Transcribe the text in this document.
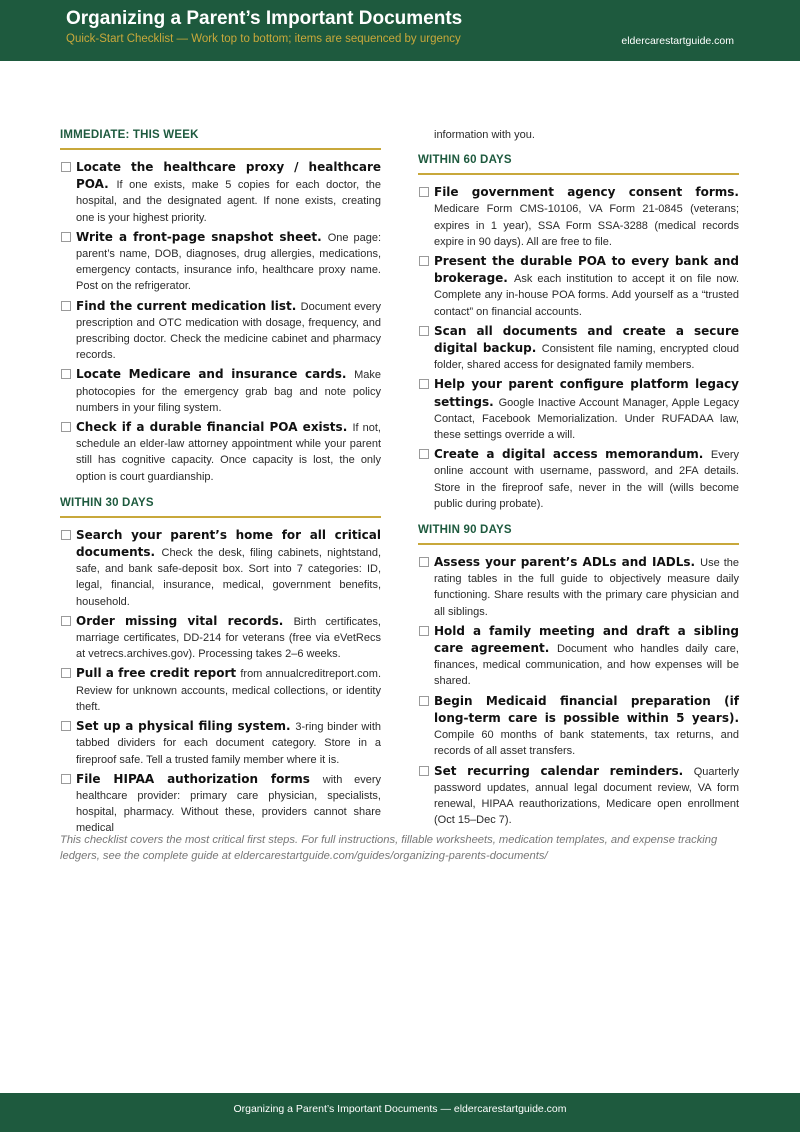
Organizing a Parent’s Important Documents
Quick-Start Checklist — Work top to bottom; items are sequenced by urgency	eldercarestartguide.com
IMMEDIATE: THIS WEEK
Locate the healthcare proxy / healthcare POA. If one exists, make 5 copies for each doctor, the hospital, and the designated agent. If none exists, creating one is your highest priority.
Write a front-page snapshot sheet. One page: parent’s name, DOB, diagnoses, drug allergies, medications, emergency contacts, insurance info, healthcare proxy name. Post on the refrigerator.
Find the current medication list. Document every prescription and OTC medication with dosage, frequency, and prescribing doctor. Check the medicine cabinet and pharmacy records.
Locate Medicare and insurance cards. Make photocopies for the emergency grab bag and note policy numbers in your filing system.
Check if a durable financial POA exists. If not, schedule an elder-law attorney appointment while your parent still has cognitive capacity. Once capacity is lost, the only option is court guardianship.
WITHIN 30 DAYS
Search your parent’s home for all critical documents. Check the desk, filing cabinets, nightstand, safe, and bank safe-deposit box. Sort into 7 categories: ID, legal, financial, insurance, medical, government benefits, household.
Order missing vital records. Birth certificates, marriage certificates, DD-214 for veterans (free via eVetRecs at vetrecs.archives.gov). Processing takes 2–6 weeks.
Pull a free credit report from annualcreditreport.com. Review for unknown accounts, medical collections, or identity theft.
Set up a physical filing system. 3-ring binder with tabbed dividers for each document category. Store in a fireproof safe. Tell a trusted family member where it is.
File HIPAA authorization forms with every healthcare provider: primary care physician, specialists, hospital, pharmacy. Without these, providers cannot share medical
information with you.
WITHIN 60 DAYS
File government agency consent forms. Medicare Form CMS-10106, VA Form 21-0845 (veterans; expires in 1 year), SSA Form SSA-3288 (medical records expire in 90 days). All are free to file.
Present the durable POA to every bank and brokerage. Ask each institution to accept it on file now. Complete any in-house POA forms. Add yourself as a “trusted contact” on financial accounts.
Scan all documents and create a secure digital backup. Consistent file naming, encrypted cloud folder, shared access for designated family members.
Help your parent configure platform legacy settings. Google Inactive Account Manager, Apple Legacy Contact, Facebook Memorialization. Under RUFADAA law, these settings override a will.
Create a digital access memorandum. Every online account with username, password, and 2FA details. Store in the fireproof safe, never in the will (wills become public during probate).
WITHIN 90 DAYS
Assess your parent’s ADLs and IADLs. Use the rating tables in the full guide to objectively measure daily functioning. Share results with the primary care physician and all siblings.
Hold a family meeting and draft a sibling care agreement. Document who handles daily care, finances, medical communication, and how expenses will be shared.
Begin Medicaid financial preparation (if long-term care is possible within 5 years). Compile 60 months of bank statements, tax returns, and records of all asset transfers.
Set recurring calendar reminders. Quarterly password updates, annual legal document review, VA form renewal, HIPAA reauthorizations, Medicare open enrollment (Oct 15–Dec 7).
This checklist covers the most critical first steps. For full instructions, fillable worksheets, medication templates, and expense tracking ledgers, see the complete guide at eldercarestartguide.com/guides/organizing-parents-documents/
Organizing a Parent’s Important Documents — eldercarestartguide.com
